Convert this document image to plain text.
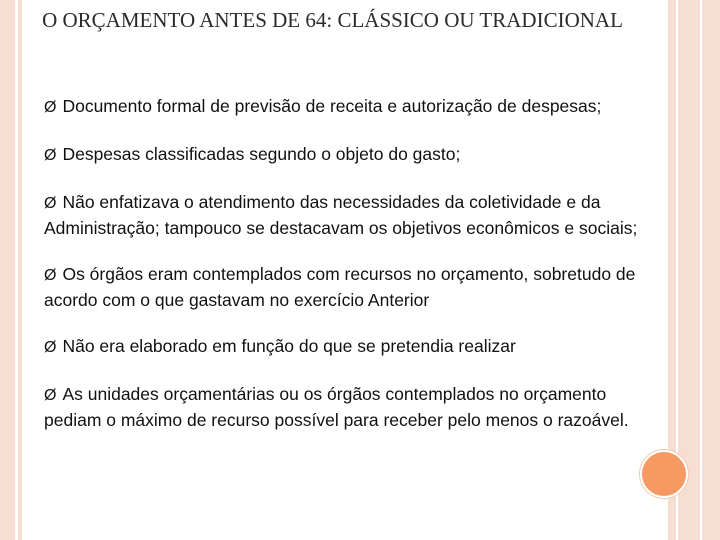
O ORÇAMENTO ANTES DE 64: CLÁSSICO OU TRADICIONAL
Ø Documento formal de previsão de receita e autorização de despesas;
Ø Despesas classificadas segundo o objeto do gasto;
Ø Não enfatizava o atendimento das necessidades da coletividade e da Administração; tampouco se destacavam os objetivos econômicos e sociais;
Ø Os órgãos eram contemplados com recursos no orçamento, sobretudo de acordo com o que gastavam no exercício Anterior
Ø Não era elaborado em função do que se pretendia realizar
Ø As unidades orçamentárias ou os órgãos contemplados no orçamento pediam o máximo de recurso possível para receber pelo menos o razoável.
